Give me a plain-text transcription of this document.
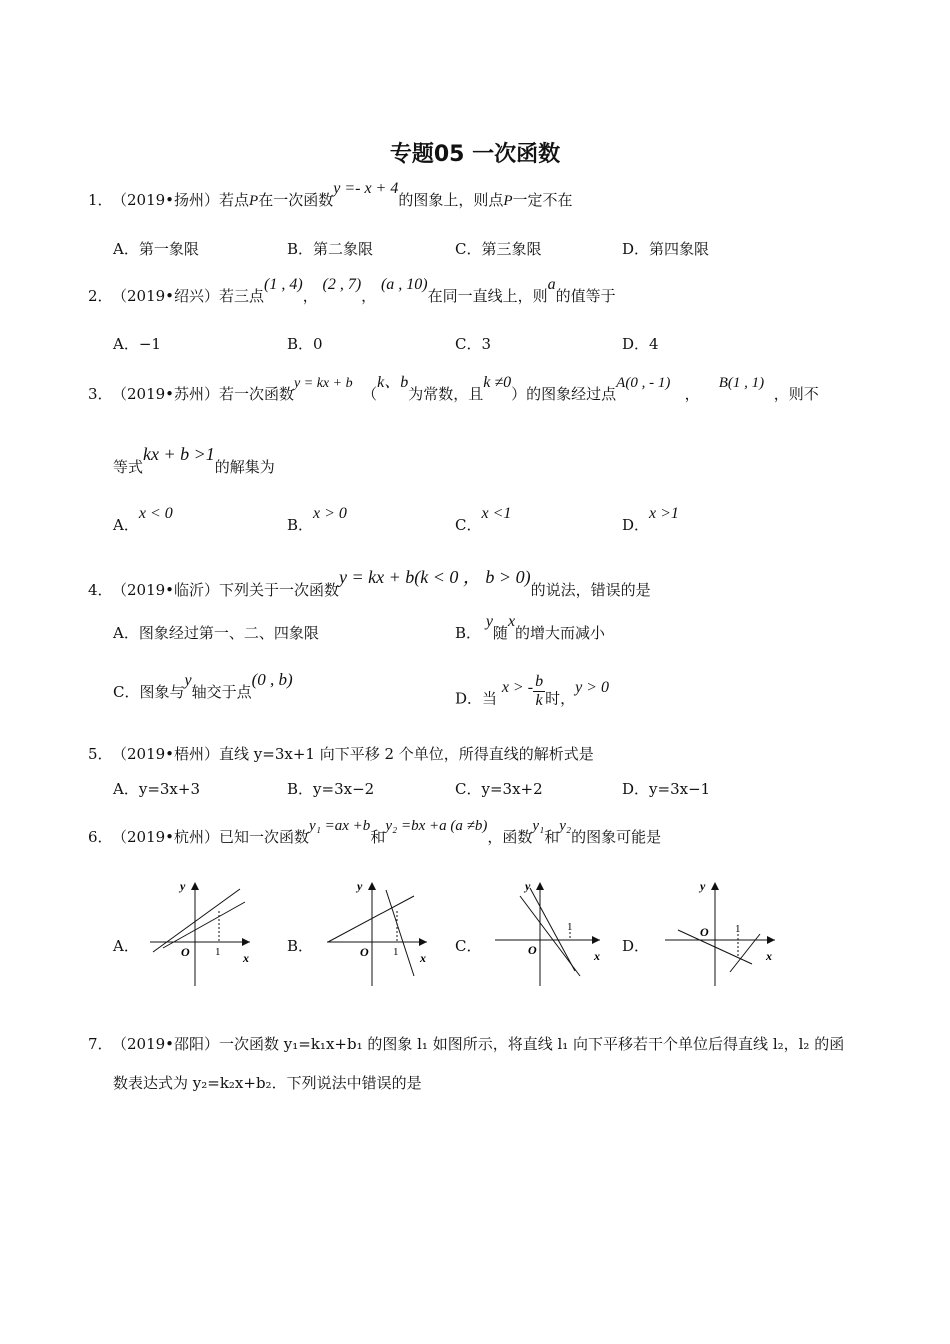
专题05 一次函数
1．（2019•扬州）若点P在一次函数y =- x + 4的图象上，则点P一定不在
A．第一象限	B．第二象限	C．第三象限	D．第四象限
2．（2019•绍兴）若三点(1 , 4)， (2 , 7)， (a , 10)在同一直线上，则a的值等于
A．−1	B．0	C．3	D．4
3．（2019•苏州）若一次函数y = kx + b  （k、b为常数，且k ≠0）的图象经过点A(0 , - 1)   ，    B(1 , 1)  ，则不
等式kx + b >1的解集为
A．x < 0
B．x > 0
C．x <1
D．x >1
4．（2019•临沂）下列关于一次函数y = kx + b(k < 0 ， b > 0)的说法，错误的是
A．图象经过第一、二、四象限	B． y随x的增大而减小
C．图象与y轴交于点(0 , b)
D．当 x > - $\frac{b}{k}$ 时，y > 0
5．（2019•梧州）直线 y=3x+1 向下平移 2 个单位，所得直线的解析式是
A．y=3x+3	B．y=3x−2	C．y=3x+2	D．y=3x−1
6．（2019•杭州）已知一次函数y₁ =ax +b和y₂ =bx +a (a ≠b)，函数y₁和y₂的图象可能是
A．
y
x
O 1	B．
y
x
O 1	C．
y
x
O
1
D．
y
x
O 1
7．（2019•邵阳）一次函数 y₁=k₁x+b₁ 的图象 l₁ 如图所示，将直线 l₁ 向下平移若干个单位后得直线 l₂，l₂ 的函
数表达式为 y₂=k₂x+b₂．下列说法中错误的是
